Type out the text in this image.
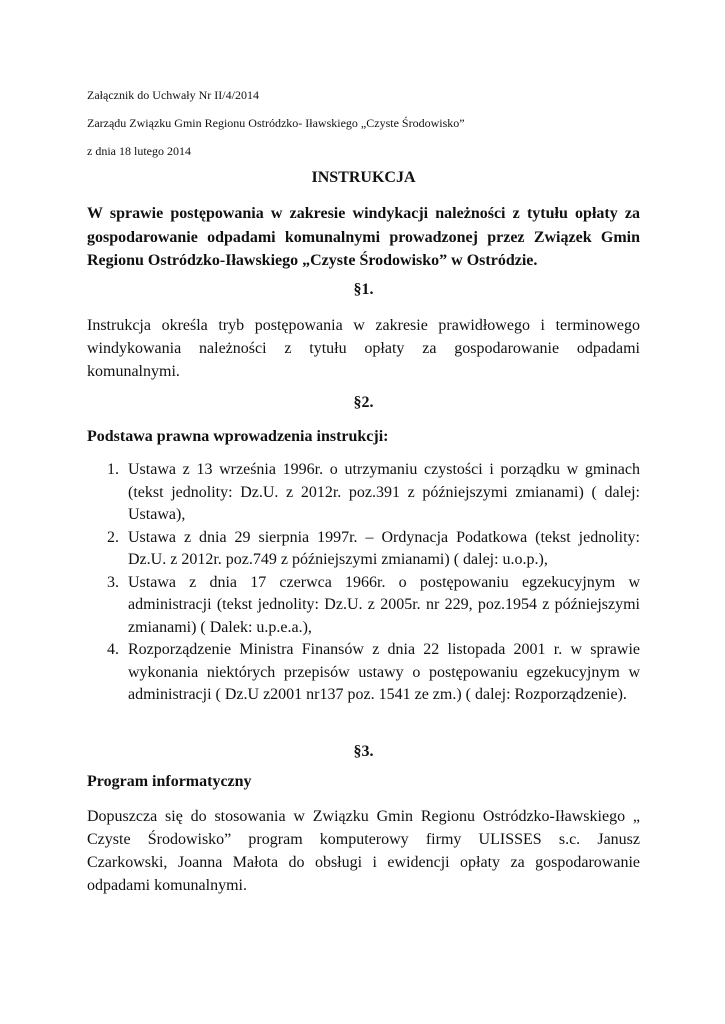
Załącznik do Uchwały Nr II/4/2014
Zarządu Związku Gmin Regionu Ostródzko- Iławskiego „Czyste Środowisko”
z dnia 18 lutego 2014
INSTRUKCJA
W sprawie postępowania w zakresie windykacji należności z tytułu opłaty za
gospodarowanie odpadami komunalnymi prowadzonej przez Związek Gmin
Regionu Ostródzko-Iławskiego „Czyste Środowisko” w Ostródzie.
§1.
Instrukcja określa tryb postępowania w zakresie prawidłowego i terminowego
windykowania należności z tytułu opłaty za gospodarowanie odpadami
komunalnymi.
§2.
Podstawa prawna wprowadzenia instrukcji:
1. Ustawa z 13 września 1996r. o utrzymaniu czystości i porządku w gminach
(tekst jednolity: Dz.U. z 2012r. poz.391 z późniejszymi zmianami) ( dalej:
Ustawa),
2. Ustawa z dnia 29 sierpnia 1997r. – Ordynacja Podatkowa (tekst jednolity:
Dz.U. z 2012r. poz.749 z późniejszymi zmianami) ( dalej: u.o.p.),
3. Ustawa z dnia 17 czerwca 1966r. o postępowaniu egzekucyjnym w
administracji (tekst jednolity: Dz.U. z 2005r. nr 229, poz.1954 z późniejszymi
zmianami) ( Dalek: u.p.e.a.),
4. Rozporządzenie Ministra Finansów z dnia 22 listopada 2001 r. w sprawie
wykonania niektórych przepisów ustawy o postępowaniu egzekucyjnym w
administracji ( Dz.U z2001 nr137 poz. 1541 ze zm.) ( dalej: Rozporządzenie).
§3.
Program informatyczny
Dopuszcza się do stosowania w Związku Gmin Regionu Ostródzko-Iławskiego „
Czyste Środowisko” program komputerowy firmy ULISSES s.c. Janusz
Czarkowski, Joanna Małota do obsługi i ewidencji opłaty za gospodarowanie
odpadami komunalnymi.
